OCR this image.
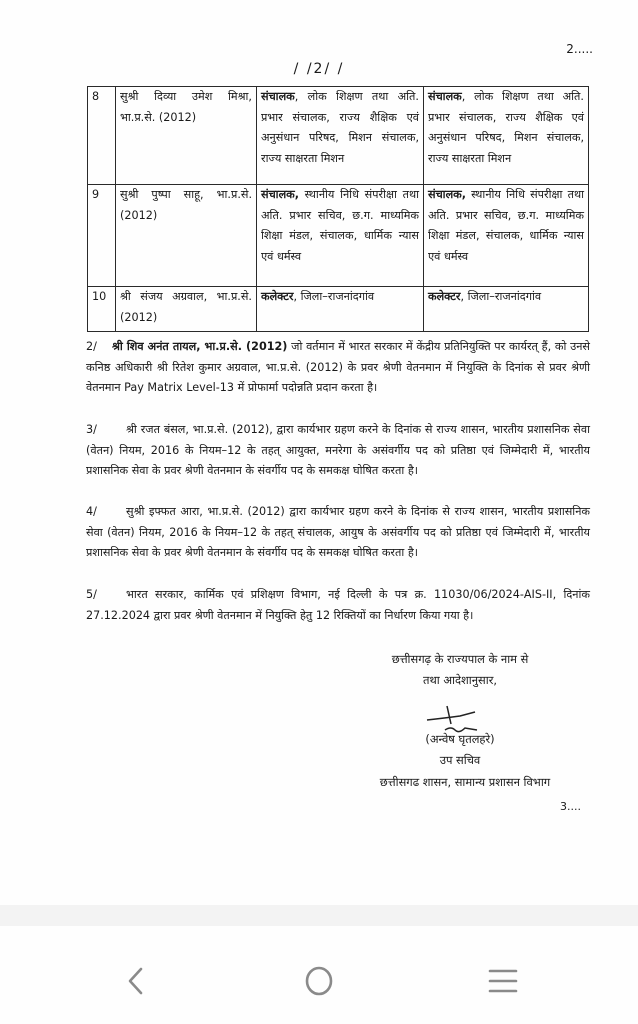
2.....
/ /2/ /
8	सुश्री दिव्या उमेश मिश्रा, भा.प्र.से. (2012)	संचालक, लोक शिक्षण तथा अति. प्रभार संचालक, राज्य शैक्षिक एवं अनुसंधान परिषद, मिशन संचालक, राज्य साक्षरता मिशन	संचालक, लोक शिक्षण तथा अति. प्रभार संचालक, राज्य शैक्षिक एवं अनुसंधान परिषद, मिशन संचालक, राज्य साक्षरता मिशन
9	सुश्री पुष्पा साहू, भा.प्र.से. (2012)	संचालक, स्थानीय निधि संपरीक्षा तथा अति. प्रभार सचिव, छ.ग. माध्यमिक शिक्षा मंडल, संचालक, धार्मिक न्यास एवं धर्मस्व	संचालक, स्थानीय निधि संपरीक्षा तथा अति. प्रभार सचिव, छ.ग. माध्यमिक शिक्षा मंडल, संचालक, धार्मिक न्यास एवं धर्मस्व
10	श्री संजय अग्रवाल, भा.प्र.से. (2012)	कलेक्टर, जिला–राजनांदगांव	कलेक्टर, जिला–राजनांदगांव
2/ श्री शिव अनंत तायल, भा.प्र.से. (2012) जो वर्तमान में भारत सरकार में केंद्रीय प्रतिनियुक्ति पर कार्यरत् हैं, को उनसे कनिष्ठ अधिकारी श्री रितेश कुमार अग्रवाल, भा.प्र.से. (2012) के प्रवर श्रेणी वेतनमान में नियुक्ति के दिनांक से प्रवर श्रेणी वेतनमान Pay Matrix Level-13 में प्रोफार्मा पदोन्नति प्रदान करता है।
3/	श्री रजत बंसल, भा.प्र.से. (2012), द्वारा कार्यभार ग्रहण करने के दिनांक से राज्य शासन, भारतीय प्रशासनिक सेवा (वेतन) नियम, 2016 के नियम–12 के तहत् आयुक्त, मनरेगा के असंवर्गीय पद को प्रतिष्ठा एवं जिम्मेदारी में, भारतीय प्रशासनिक सेवा के प्रवर श्रेणी वेतनमान के संवर्गीय पद के समकक्ष घोषित करता है।
4/	सुश्री इफ्फत आरा, भा.प्र.से. (2012) द्वारा कार्यभार ग्रहण करने के दिनांक से राज्य शासन, भारतीय प्रशासनिक सेवा (वेतन) नियम, 2016 के नियम–12 के तहत् संचालक, आयुष के असंवर्गीय पद को प्रतिष्ठा एवं जिम्मेदारी में, भारतीय प्रशासनिक सेवा के प्रवर श्रेणी वेतनमान के संवर्गीय पद के समकक्ष घोषित करता है।
5/	भारत सरकार, कार्मिक एवं प्रशिक्षण विभाग, नई दिल्ली के पत्र क्र. 11030/06/2024-AIS-II, दिनांक 27.12.2024 द्वारा प्रवर श्रेणी वेतनमान में नियुक्ति हेतु 12 रिक्तियों का निर्धारण किया गया है।
छत्तीसगढ़ के राज्यपाल के नाम से
तथा आदेशानुसार,
(अन्वेष घृतलहरे)
उप सचिव
छत्तीसगढ शासन, सामान्य प्रशासन विभाग
3....
